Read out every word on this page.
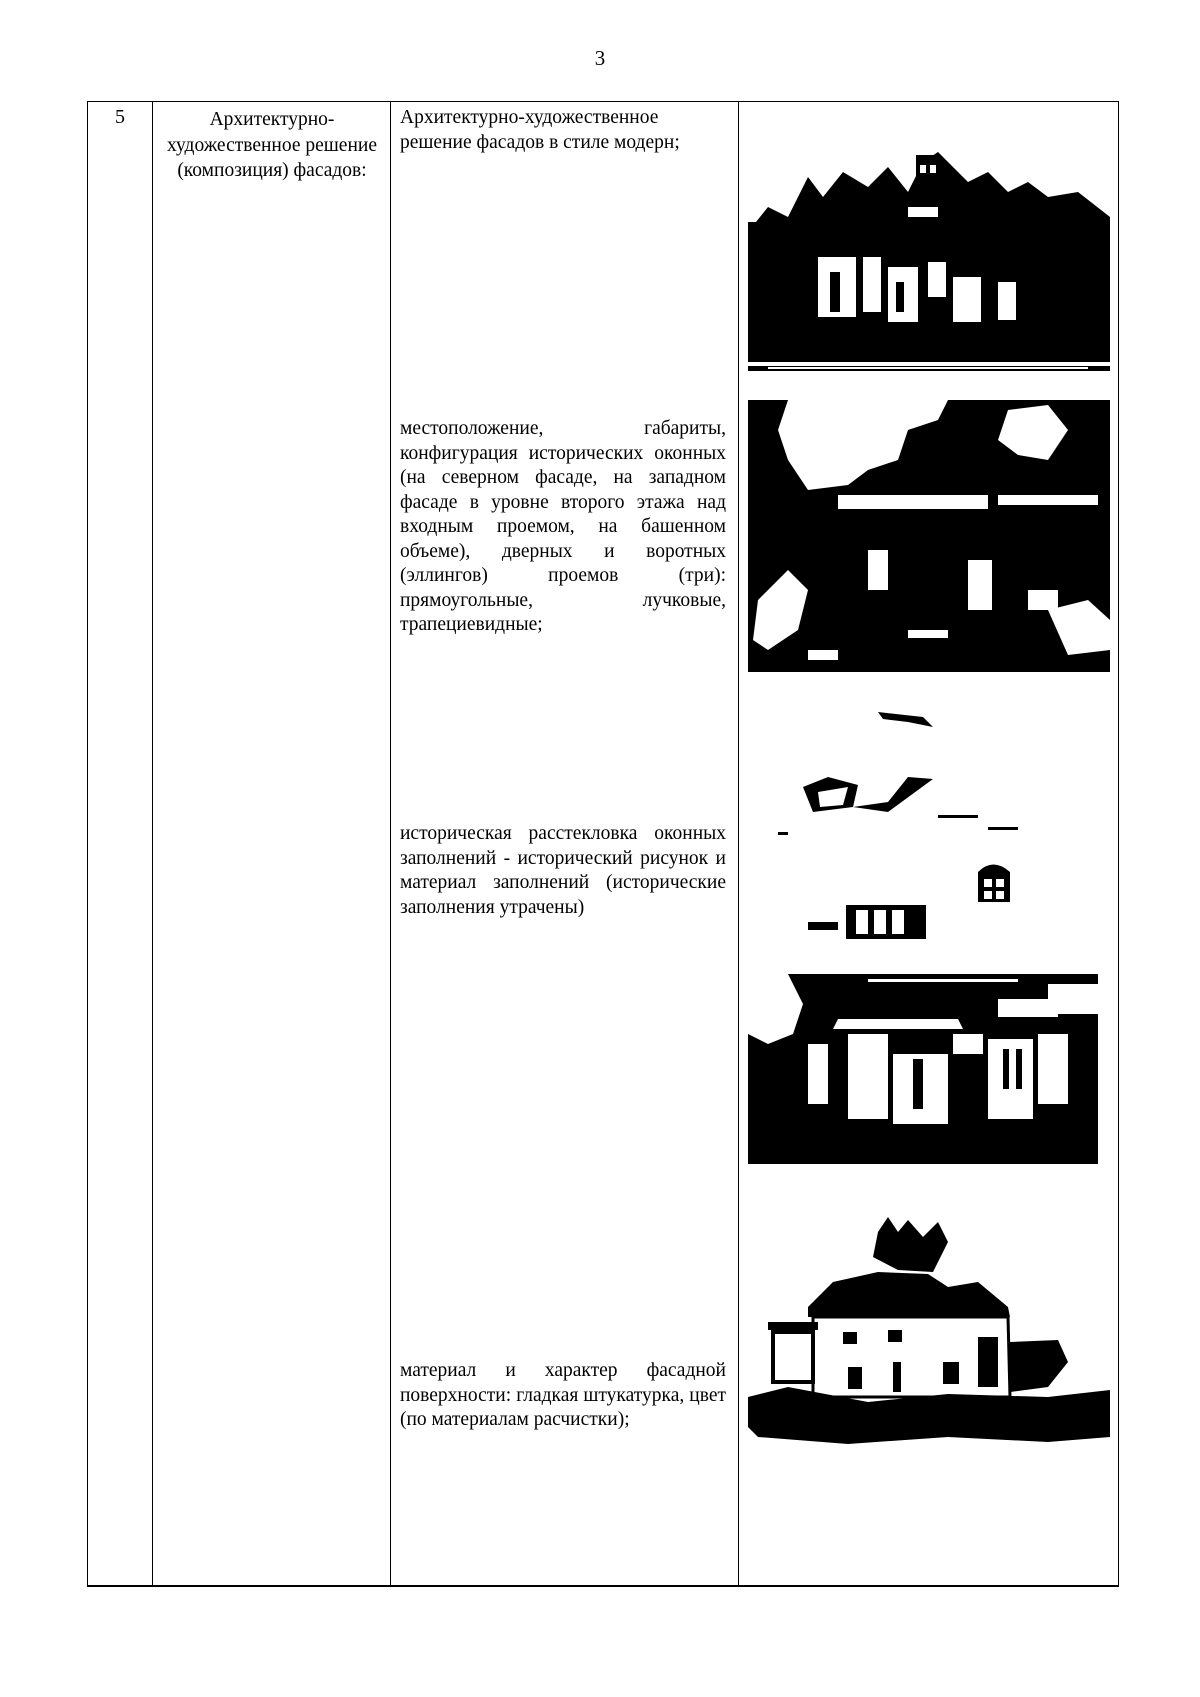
3
5	Архитектурно-художественное решение (композиция) фасадов:
Архитектурно-художественное решение фасадов в стиле модерн;
местоположение, габариты, конфигурация исторических оконных (на северном фасаде, на западном фасаде в уровне второго этажа над входным проемом, на башенном объеме), дверных и воротных (эллингов) проемов (три): прямоугольные, лучковые, трапециевидные;
историческая расстекловка оконных заполнений - исторический рисунок и материал заполнений (исторические заполнения утрачены)
материал и характер фасадной поверхности: гладкая штукатурка, цвет (по материалам расчистки);
